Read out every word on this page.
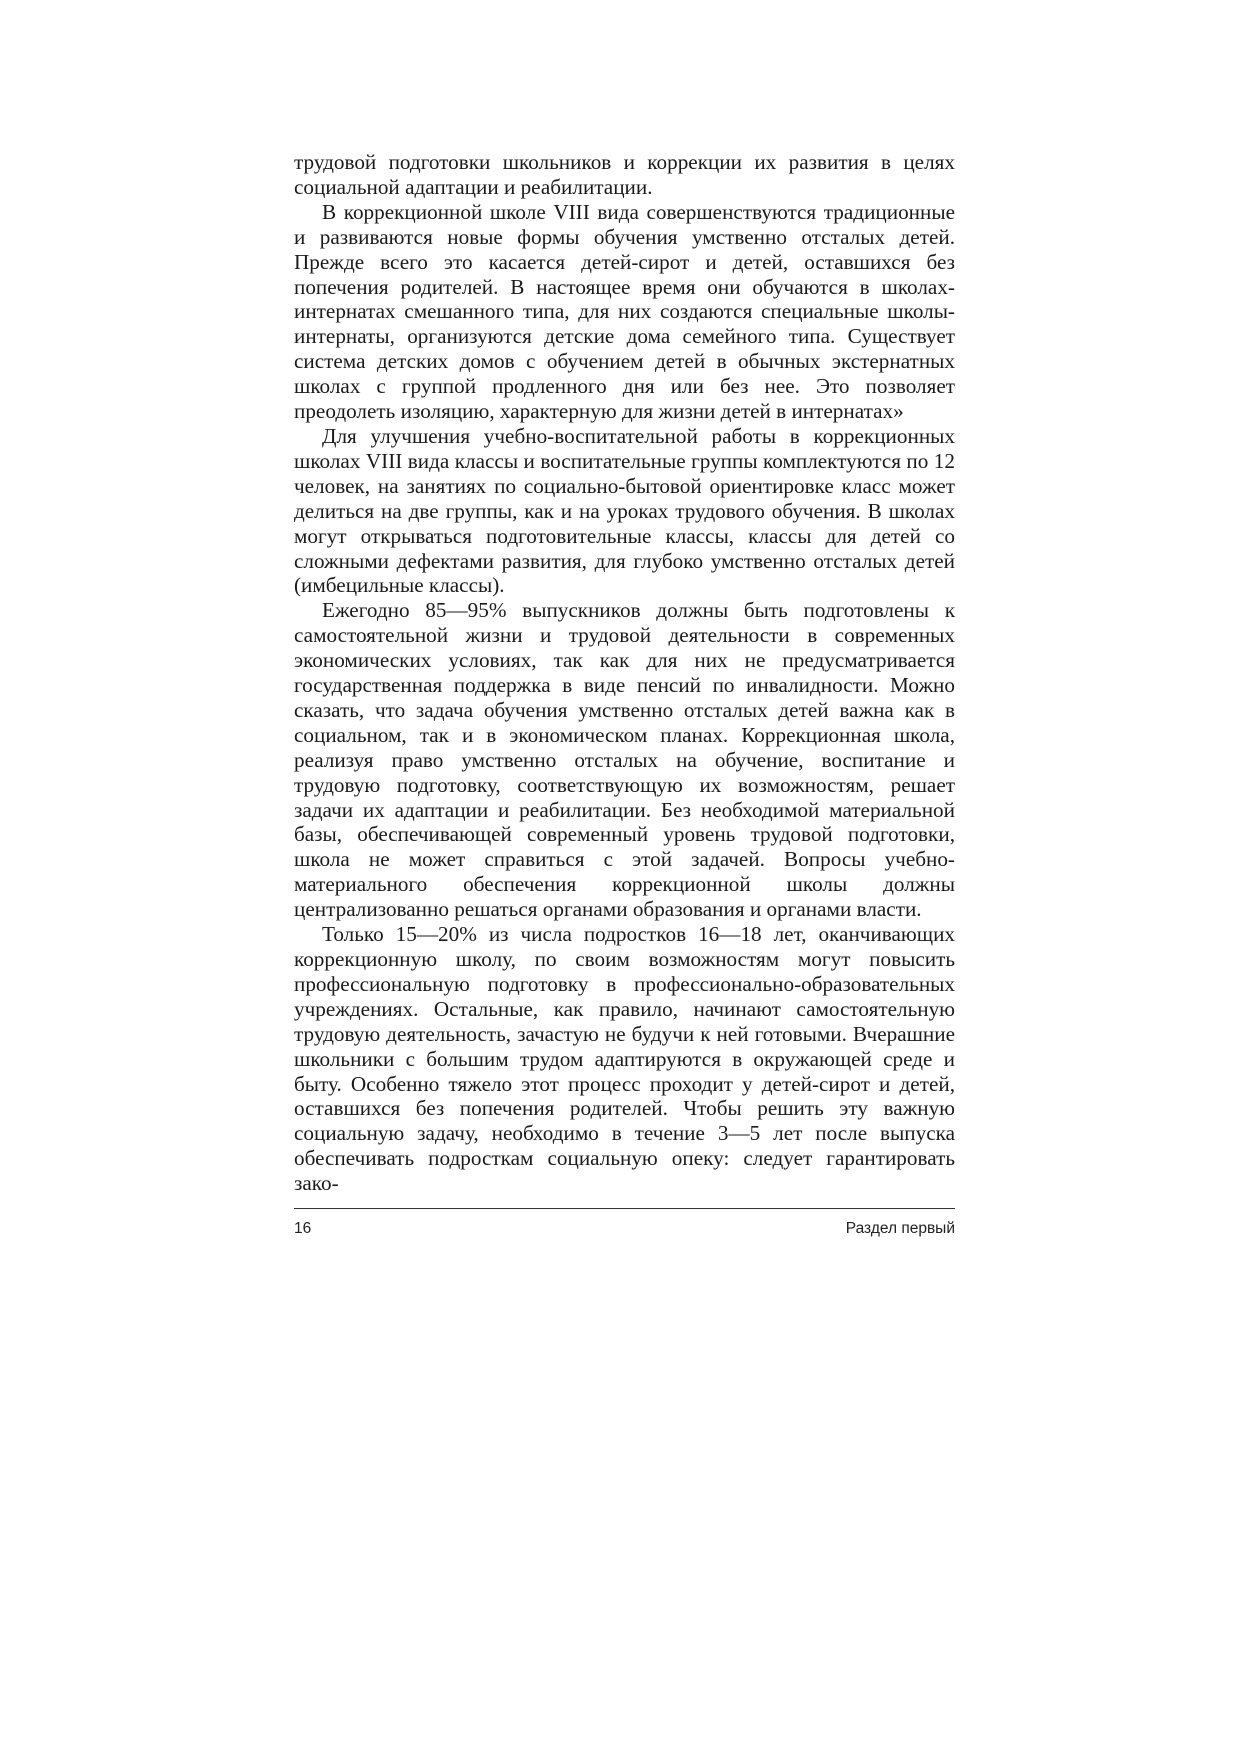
трудовой подготовки школьников и коррекции их развития в целях социальной адаптации и реабилитации.

В коррекционной школе VIII вида совершенствуются традиционные и развиваются новые формы обучения умственно отсталых детей. Прежде всего это касается детей-сирот и детей, оставшихся без попечения родителей. В настоящее время они обучаются в школах-интернатах смешанного типа, для них создаются специальные школы-интернаты, организуются детские дома семейного типа. Существует система детских домов с обучением детей в обычных экстернатных школах с группой продленного дня или без нее. Это позволяет преодолеть изоляцию, характерную для жизни детей в интернатах»

Для улучшения учебно-воспитательной работы в коррекционных школах VIII вида классы и воспитательные группы комплектуются по 12 человек, на занятиях по социально-бытовой ориентировке класс может делиться на две группы, как и на уроках трудового обучения. В школах могут открываться подготовительные классы, классы для детей со сложными дефектами развития, для глубоко умственно отсталых детей (имбецильные классы).

Ежегодно 85—95% выпускников должны быть подготовлены к самостоятельной жизни и трудовой деятельности в современных экономических условиях, так как для них не предусматривается государственная поддержка в виде пенсий по инвалидности. Можно сказать, что задача обучения умственно отсталых детей важна как в социальном, так и в экономическом планах. Коррекционная школа, реализуя право умственно отсталых на обучение, воспитание и трудовую подготовку, соответствующую их возможностям, решает задачи их адаптации и реабилитации. Без необходимой материальной базы, обеспечивающей современный уровень трудовой подготовки, школа не может справиться с этой задачей. Вопросы учебно-материального обеспечения коррекционной школы должны централизованно решаться органами образования и органами власти.

Только 15—20% из числа подростков 16—18 лет, оканчивающих коррекционную школу, по своим возможностям могут повысить профессиональную подготовку в профессионально-образовательных учреждениях. Остальные, как правило, начинают самостоятельную трудовую деятельность, зачастую не будучи к ней готовыми. Вчерашние школьники с большим трудом адаптируются в окружающей среде и быту. Особенно тяжело этот процесс проходит у детей-сирот и детей, оставшихся без попечения родителей. Чтобы решить эту важную социальную задачу, необходимо в течение 3—5 лет после выпуска обеспечивать подросткам социальную опеку: следует гарантировать зако-

16	Раздел первый
